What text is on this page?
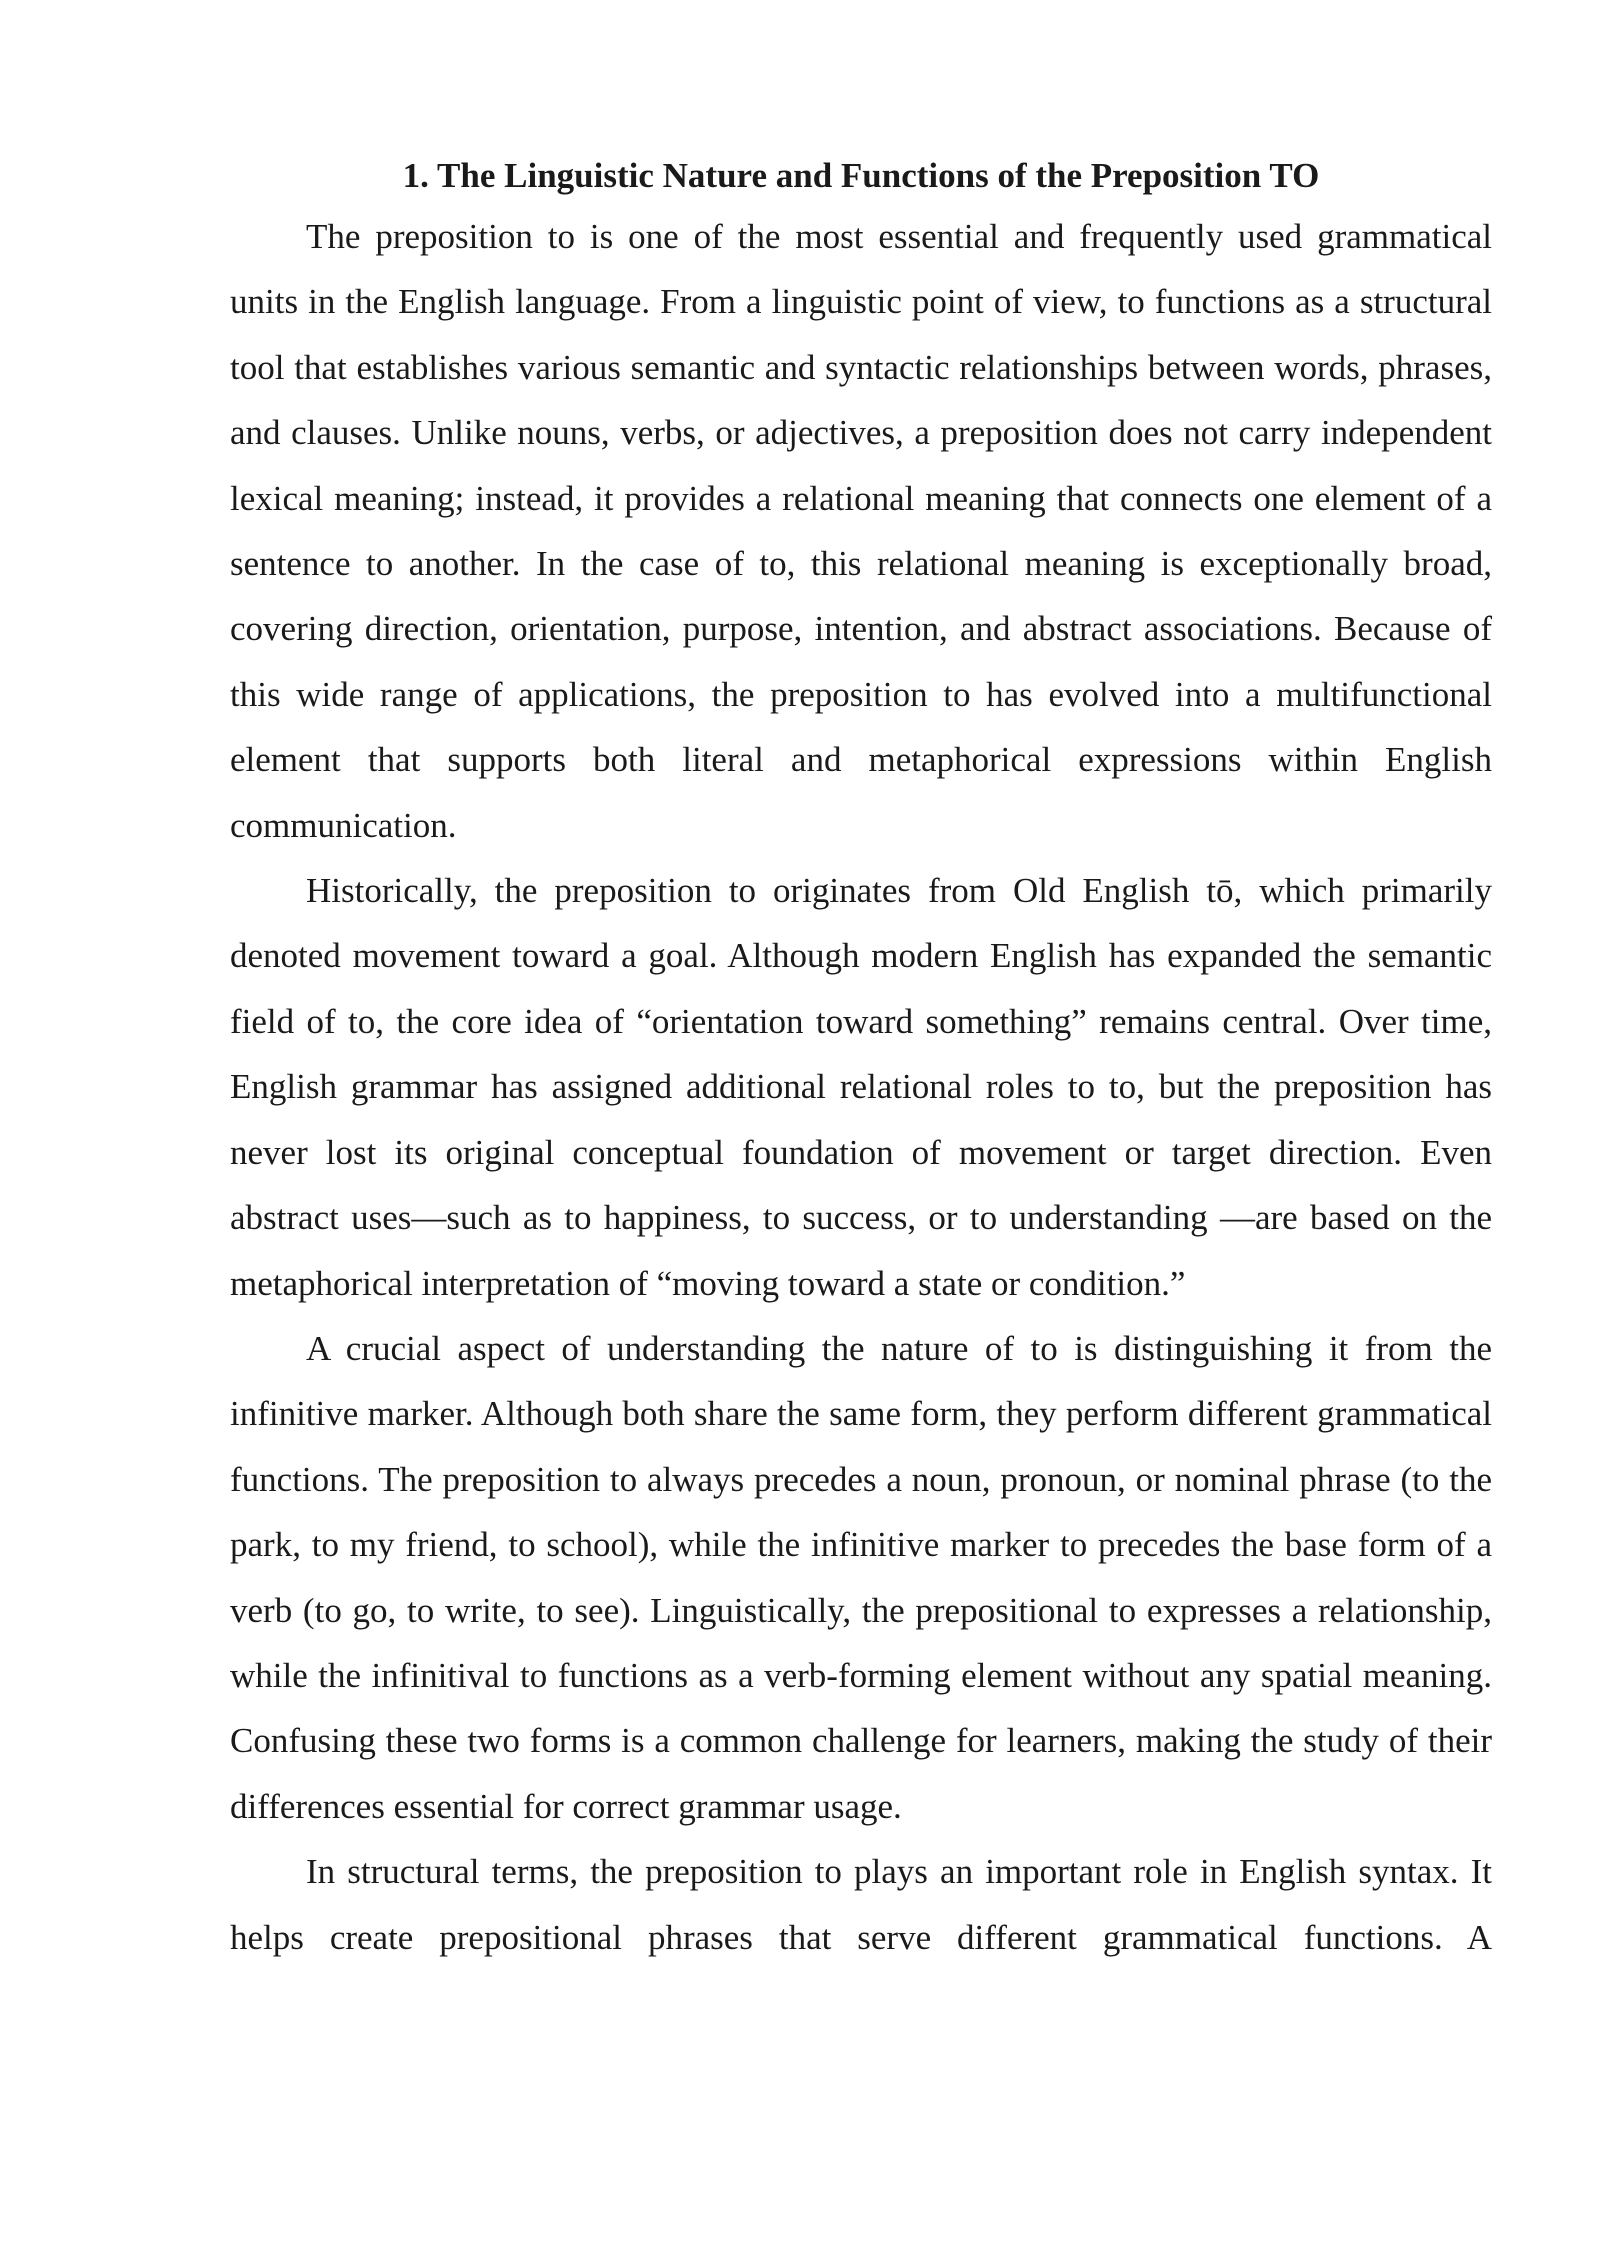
1. The Linguistic Nature and Functions of the Preposition TO

The preposition to is one of the most essential and frequently used grammatical units in the English language. From a linguistic point of view, to functions as a structural tool that establishes various semantic and syntactic relationships between words, phrases, and clauses. Unlike nouns, verbs, or adjectives, a preposition does not carry independent lexical meaning; instead, it provides a relational meaning that connects one element of a sentence to another. In the case of to, this relational meaning is exceptionally broad, covering direction, orientation, purpose, intention, and abstract associations. Because of this wide range of applications, the preposition to has evolved into a multifunctional element that supports both literal and metaphorical expressions within English communication.

Historically, the preposition to originates from Old English tō, which primarily denoted movement toward a goal. Although modern English has expanded the semantic field of to, the core idea of “orientation toward something” remains central. Over time, English grammar has assigned additional relational roles to to, but the preposition has never lost its original conceptual foundation of movement or target direction. Even abstract uses—such as to happiness, to success, or to understanding —are based on the metaphorical interpretation of “moving toward a state or condition.”

A crucial aspect of understanding the nature of to is distinguishing it from the infinitive marker. Although both share the same form, they perform different grammatical functions. The preposition to always precedes a noun, pronoun, or nominal phrase (to the park, to my friend, to school), while the infinitive marker to precedes the base form of a verb (to go, to write, to see). Linguistically, the prepositional to expresses a relationship, while the infinitival to functions as a verb-forming element without any spatial meaning. Confusing these two forms is a common challenge for learners, making the study of their differences essential for correct grammar usage.

In structural terms, the preposition to plays an important role in English syntax. It helps create prepositional phrases that serve different grammatical functions. A
